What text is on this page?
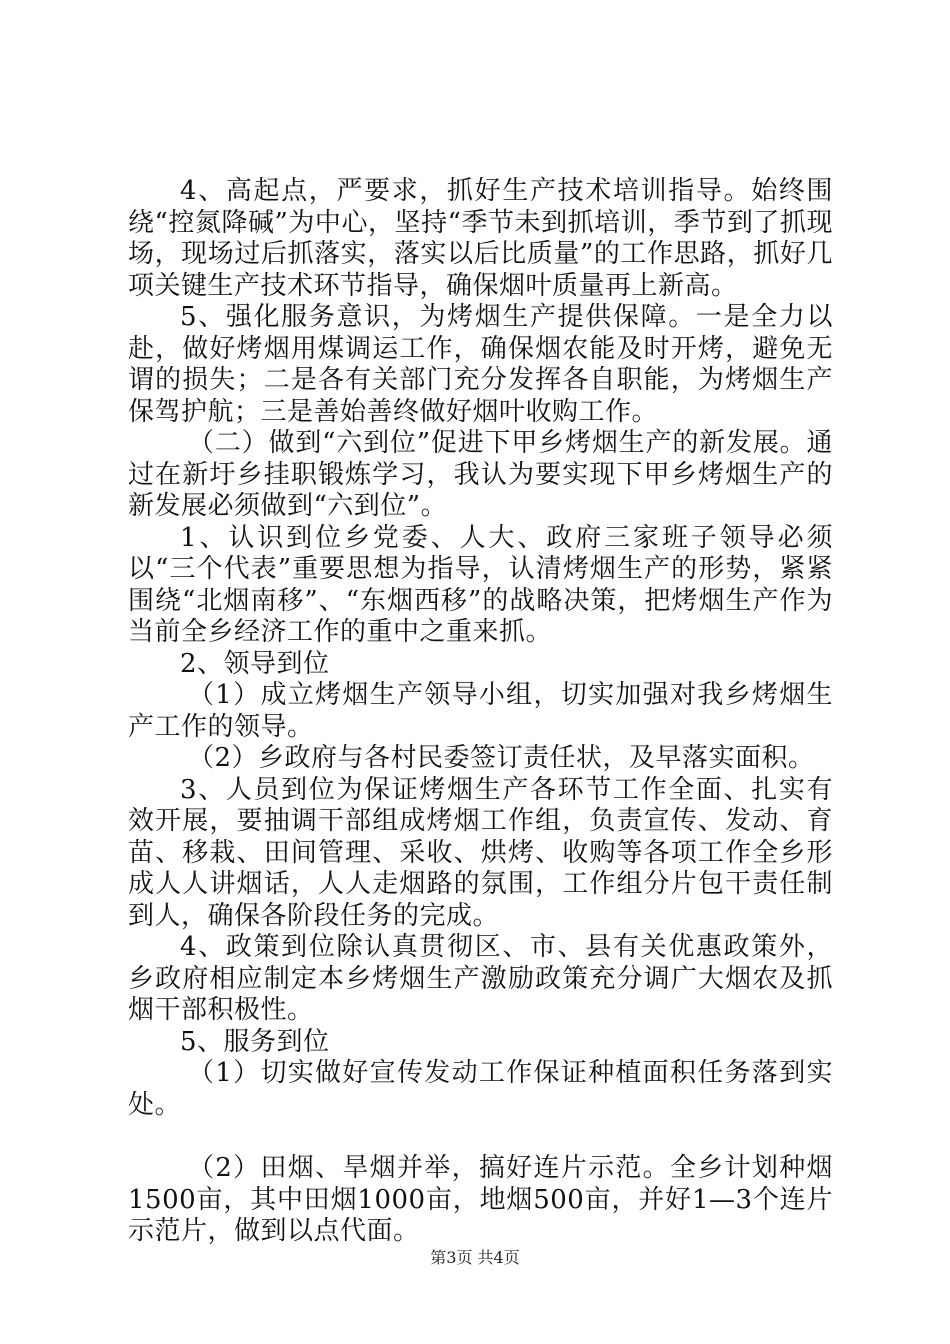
4、高起点，严要求，抓好生产技术培训指导。始终围绕“控氮降碱”为中心，坚持“季节未到抓培训，季节到了抓现场，现场过后抓落实，落实以后比质量”的工作思路，抓好几项关键生产技术环节指导，确保烟叶质量再上新高。

5、强化服务意识，为烤烟生产提供保障。一是全力以赴，做好烤烟用煤调运工作，确保烟农能及时开烤，避免无谓的损失；二是各有关部门充分发挥各自职能，为烤烟生产保驾护航；三是善始善终做好烟叶收购工作。

（二）做到“六到位”促进下甲乡烤烟生产的新发展。通过在新圩乡挂职锻炼学习，我认为要实现下甲乡烤烟生产的新发展必须做到“六到位”。

1、认识到位乡党委、人大、政府三家班子领导必须以“三个代表”重要思想为指导，认清烤烟生产的形势，紧紧围绕“北烟南移”、“东烟西移”的战略决策，把烤烟生产作为当前全乡经济工作的重中之重来抓。

2、领导到位

（1）成立烤烟生产领导小组，切实加强对我乡烤烟生产工作的领导。

（2）乡政府与各村民委签订责任状，及早落实面积。

3、人员到位为保证烤烟生产各环节工作全面、扎实有效开展，要抽调干部组成烤烟工作组，负责宣传、发动、育苗、移栽、田间管理、采收、烘烤、收购等各项工作全乡形成人人讲烟话，人人走烟路的氛围，工作组分片包干责任制到人，确保各阶段任务的完成。

4、政策到位除认真贯彻区、市、县有关优惠政策外，乡政府相应制定本乡烤烟生产激励政策充分调广大烟农及抓烟干部积极性。

5、服务到位

（1）切实做好宣传发动工作保证种植面积任务落到实处。

（2）田烟、旱烟并举，搞好连片示范。全乡计划种烟1500亩，其中田烟1000亩，地烟500亩，并好1—3个连片示范片，做到以点代面。

第3页 共4页
